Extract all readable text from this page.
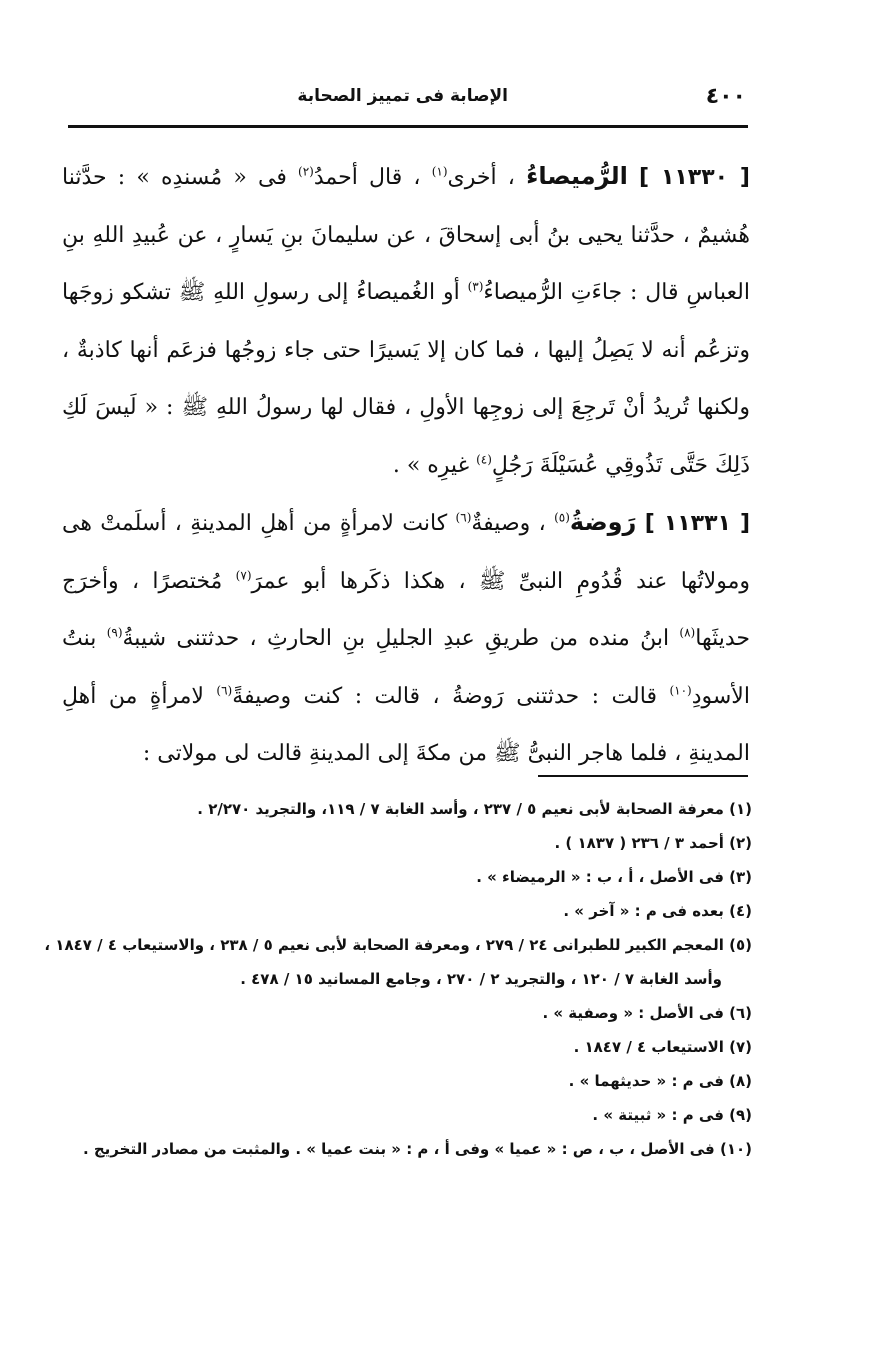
٤٠٠
الإصابة فى تمييز الصحابة

[ ١١٣٣٠ ] الرُّميصاءُ ، أخرى$^{(١)}$ ، قال أحمدُ$^{(٢)}$ فى « مُسندِه » : حدَّثنا هُشيمٌ ، حدَّثنا يحيى بنُ أبى إسحاقَ ، عن سليمانَ بنِ يَسارٍ ، عن عُبيدِ اللهِ بنِ العباسِ قال : جاءَتِ الرُّميصاءُ$^{(٣)}$ أو الغُميصاءُ إلى رسولِ اللهِ ﷺ تشكو زوجَها وتزعُم أنه لا يَصِلُ إليها ، فما كان إلا يَسيرًا حتى جاء زوجُها فزعَم أنها كاذبةٌ ، ولكنها تُريدُ أنْ تَرجِعَ إلى زوجِها الأولِ ، فقال لها رسولُ اللهِ ﷺ : « لَيسَ لَكِ ذَلِكَ حَتَّى تَذُوقِي عُسَيْلَةَ رَجُلٍ$^{(٤)}$ غيرِه » .

[ ١١٣٣١ ] رَوضةُ$^{(٥)}$ ، وصيفةٌ$^{(٦)}$ كانت لامرأةٍ من أهلِ المدينةِ ، أسلَمتْ هى ومولاتُها عند قُدُومِ النبىِّ ﷺ ، هكذا ذكَرها أبو عمرَ$^{(٧)}$ مُختصرًا ، وأخرَج حديثَها$^{(٨)}$ ابنُ منده من طريقِ عبدِ الجليلِ بنِ الحارثِ ، حدثتنى شيبةُ$^{(٩)}$ بنتُ الأسودِ$^{(١٠)}$ قالت : حدثتنى رَوضةُ ، قالت : كنت وصيفةً$^{(٦)}$ لامرأةٍ من أهلِ المدينةِ ، فلما هاجر النبىُّ ﷺ من مكةَ إلى المدينةِ قالت لى مولاتى :

(١) معرفة الصحابة لأبى نعيم ٥ / ٢٣٧ ، وأسد الغابة ٧ / ١١٩، والتجريد ٢/٢٧٠ .
(٢) أحمد ٣ / ٢٣٦ ( ١٨٣٧ ) .
(٣) فى الأصل ، أ ، ب : « الرميضاء » .
(٤) بعده فى م : « آخر » .
(٥) المعجم الكبير للطبرانى ٢٤ / ٢٧٩ ، ومعرفة الصحابة لأبى نعيم ٥ / ٢٣٨ ، والاستيعاب ٤ / ١٨٤٧ ،
وأسد الغابة ٧ / ١٢٠ ، والتجريد ٢ / ٢٧٠ ، وجامع المسانيد ١٥ / ٤٧٨ .
(٦) فى الأصل : « وصفية » .
(٧) الاستيعاب ٤ / ١٨٤٧ .
(٨) فى م : « حديثهما » .
(٩) فى م : « ثبيتة » .
(١٠) فى الأصل ، ب ، ص : « عميا » وفى أ ، م : « بنت عميا » . والمثبت من مصادر التخريج .
